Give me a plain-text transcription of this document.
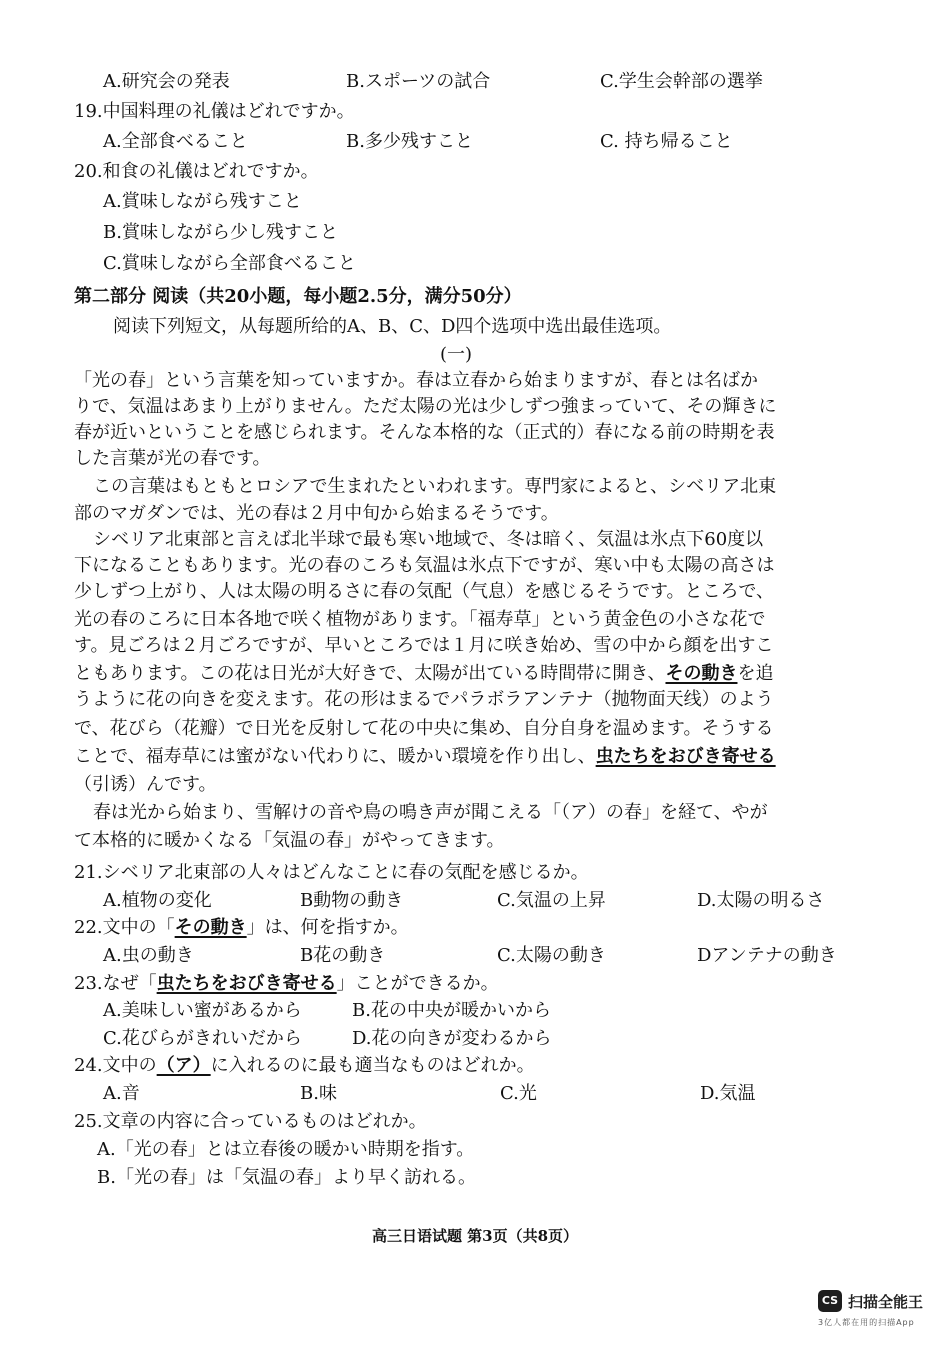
A.研究会の発表	B.スポーツの試合	C.学生会幹部の選挙
19.中国料理の礼儀はどれですか。
A.全部食べること	B.多少残すこと	C. 持ち帰ること
20.和食の礼儀はどれですか。
A.賞味しながら残すこと
B.賞味しながら少し残すこと
C.賞味しながら全部食べること
第二部分 阅读（共20小题，每小题2.5分，满分50分）
阅读下列短文，从每题所给的A、B、C、D四个选项中选出最佳选项。
(一)
「光の春」という言葉を知っていますか。春は立春から始まりますが、春とは名ばか
りで、気温はあまり上がりません。ただ太陽の光は少しずつ強まっていて、その輝きに
春が近いということを感じられます。そんな本格的な（正式的）春になる前の時期を表
した言葉が光の春です。
この言葉はもともとロシアで生まれたといわれます。専門家によると、シベリア北東
部のマガダンでは、光の春は２月中旬から始まるそうです。
シベリア北東部と言えば北半球で最も寒い地域で、冬は暗く、気温は氷点下60度以
下になることもあります。光の春のころも気温は氷点下ですが、寒い中も太陽の高さは
少しずつ上がり、人は太陽の明るさに春の気配（气息）を感じるそうです。ところで、
光の春のころに日本各地で咲く植物があります。「福寿草」という黄金色の小さな花で
す。見ごろは２月ごろですが、早いところでは１月に咲き始め、雪の中から顔を出すこ
ともあります。この花は日光が大好きで、太陽が出ている時間帯に開き、その動きを追
うように花の向きを変えます。花の形はまるでパラボラアンテナ（抛物面天线）のよう
で、花びら（花瓣）で日光を反射して花の中央に集め、自分自身を温めます。そうする
ことで、福寿草には蜜がない代わりに、暖かい環境を作り出し、虫たちをおびき寄せる
（引诱）んです。
春は光から始まり、雪解けの音や鳥の鳴き声が聞こえる「（ア）の春」を経て、やが
て本格的に暖かくなる「気温の春」がやってきます。
21.シベリア北東部の人々はどんなことに春の気配を感じるか。
A.植物の変化	B動物の動き	C.気温の上昇	D.太陽の明るさ
22.文中の「その動き」は、何を指すか。
A.虫の動き	B花の動き	C.太陽の動き	Dアンテナの動き
23.なぜ「虫たちをおびき寄せる」ことができるか。
A.美味しい蜜があるから	B.花の中央が暖かいから
C.花びらがきれいだから	D.花の向きが変わるから
24.文中の（ア）に入れるのに最も適当なものはどれか。
A.音	B.味	C.光	D.気温
25.文章の内容に合っているものはどれか。
A.「光の春」とは立春後の暖かい時期を指す。
B.「光の春」は「気温の春」より早く訪れる。
高三日语试题 第3页（共8页）
CS 扫描全能王
3亿人都在用的扫描App
